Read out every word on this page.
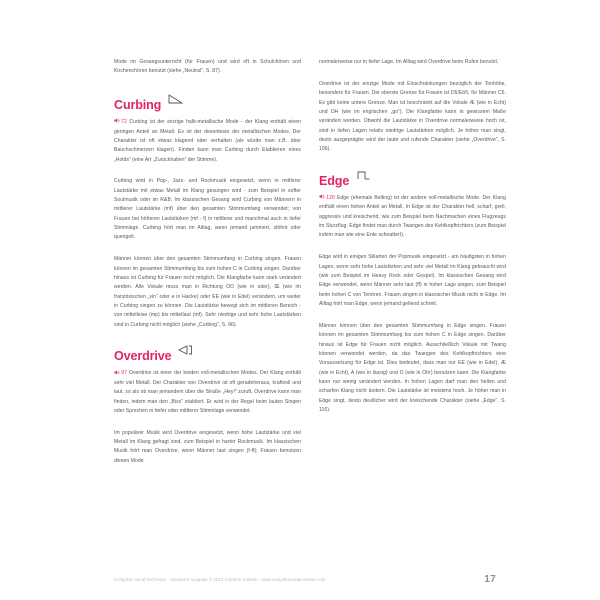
Mode im Gesangsunterricht (für Frauen) und wird oft in Schulchören und Kirchenchören benutzt (siehe „Neutral“, S. 87).

Curbing

72 Curbing ist der einzige halb-metallische Mode - der Klang enthält einen geringen Anteil an Metall. Es ist der dezenteste der metallischen Modes. Der Charakter ist oft etwas klagend oder verhalten (als würde man z.B. über Bauchschmerzen klagen). Finden kann man Curbing durch Etablieren eines „Holds“ (eine Art „Zurückhalten“ der Stimme).

Curbing wird in Pop-, Jazz- und Rockmusik eingesetzt, wenn in mittlerer Lautstärke mit etwas Metall im Klang gesungen wird - zum Beispiel in softer Soulmusik oder im R&B. Im klassischen Gesang wird Curbing von Männern in mittlerer Lautstärke (mf) über den gesamten Stimmumfang verwendet; von Frauen bei höheren Lautstärken (mf - f) in mittlerer und manchmal auch in tiefer Stimmlage. Curbing hört man im Alltag, wenn jemand jammert, stöhnt oder quengelt.

Männer können über den gesamten Stimmumfang in Curbing singen. Frauen können im gesamten Stimmumfang bis zum hohen C in Curbing singen. Darüber hinaus ist Curbing für Frauen nicht möglich. Die Klangfarbe kann stark verändert werden. Alle Vokale muss man in Richtung OO (wie in oder), Œ (wie im französischen „vin“ oder e in Hacke) oder EE (wie in Edel) verändern, um weiter in Curbing singen zu können. Die Lautstärke bewegt sich im mittleren Bereich - von mittelleise (mp) bis mittellaut (mf). Sehr niedrige und sehr hohe Lautstärken sind in Curbing nicht möglich (siehe „Curbing“, S. 96).

Overdrive

97 Overdrive ist einer der beiden voll-metallischen Modes. Der Klang enthält sehr viel Metall. Der Charakter von Overdrive ist oft geradeheraus, kraftvoll und laut, so als ob man jemandem über die Straße „Hey!“ zuruft. Overdrive kann man finden, indem man den „Biss“ etabliert. Er wird in der Regel beim lauten Singen oder Sprechen in tiefer oder mittlerer Stimmlage verwendet.

Im populärer Musik wird Overdrive eingesetzt, wenn hohe Lautstärke und viel Metall im Klang gefragt sind, zum Beispiel in harter Rockmusik. Im klassischen Musik hört man Overdrive, wenn Männer laut singen (f-ff); Frauen benutzen diesen Mode

normalerweise nur in tiefer Lage. Im Alltag wird Overdrive beim Rufen benutzt.

Overdrive ist der einzige Mode mit Einschränkungen bezüglich der Tonhöhe, besonders für Frauen. Die oberste Grenze für Frauen ist D5/Eb5, für Männer C5. Es gibt keine untere Grenze. Man ist beschränkt auf die Vokale Æ (wie in Echt) und OH (wie im englischen „go“). Die Klangfarbe kann in gewissem Maße verändert werden. Obwohl die Lautstärke in Overdrive normalerweise hoch ist, sind in tiefen Lagen relativ niedrige Lautstärken möglich. Je höher man singt, desto ausgeprägter wird der laute und rufende Charakter (siehe „Overdrive“, S. 106).

Edge

120 Edge (ehemals Belting) ist der andere voll-metallische Mode. Der Klang enthält einen hohen Anteil an Metall. In Edge ist der Charakter hell, scharf, grell, aggressiv und kreischend, wie zum Beispiel beim Nachmachen eines Flugzeugs im Sturzflug. Edge findet man durch Twangen des Kehlkopftrichters (zum Beispiel indem man wie eine Ente schnattert).

Edge wird in einigen Stilarten der Popmusik eingesetzt - am häufigsten in hohen Lagen, wenn sehr hohe Lautstärken und sehr viel Metall im Klang gebraucht wird (wie zum Beispiel im Heavy Rock oder Gospel). Im klassischen Gesang wird Edge verwendet, wenn Männer sehr laut (ff) in hoher Lage singen, zum Beispiel beim hohen C von Tenören. Frauen singen in klassischer Musik nicht in Edge. Im Alltag hört man Edge, wenn jemand gellend schreit.

Männer können über den gesamten Stimmumfang in Edge singen. Frauen können im gesamten Stimmumfang bis zum hohen C in Edge singen. Darüber hinaus ist Edge für Frauen nicht möglich. Ausschließlich Vokale mit Twang können verwendet werden, da das Twangen des Kehlkopftrichters eine Voraussetzung für Edge ist. Dies bedeutet, dass man nur EE (wie in Edel), Æ (wie in Echt), A (wie in lässig) und O (wie in Ohr) benutzen kann. Die Klangfarbe kann nur wenig verändert werden. In hohen Lagen darf man den hellen und scharfen Klang nicht ändern. Die Lautstärke ist meistens hoch. Je höher man in Edge singt, desto deutlicher wird der kreischende Charakter (siehe „Edge“, S. 116).

Complete Vocal Technique - Deutsche Ausgabe © 2013 Cathrine Sadolin - www.completevocalinstitute.com	17
